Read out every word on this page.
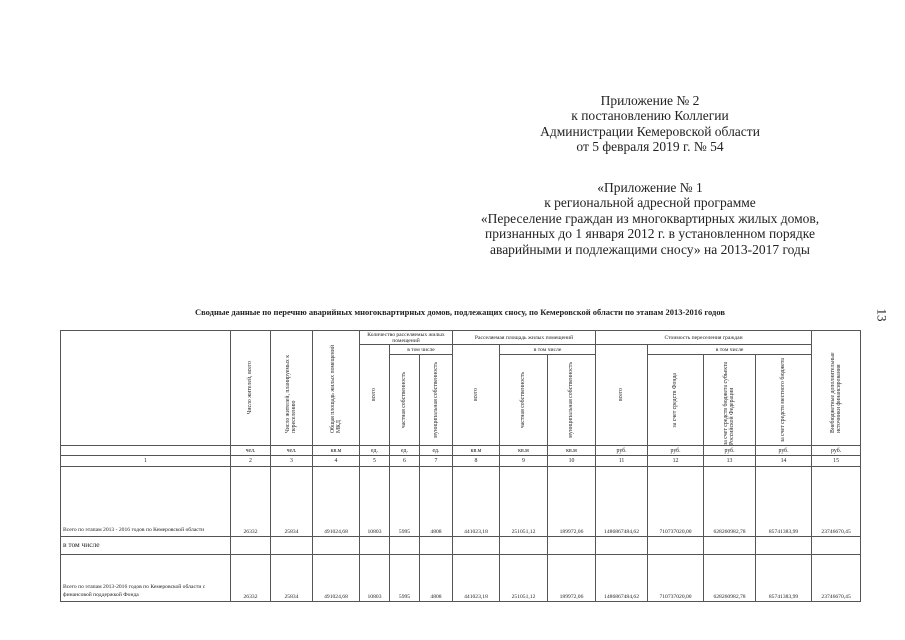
Приложение № 2
к постановлению Коллегии
Администрации Кемеровской области
от 5 февраля 2019 г. № 54
«Приложение № 1
к региональной адресной программе
«Переселение граждан из многоквартирных жилых домов,
признанных до 1 января 2012 г. в установленном порядке
аварийными и подлежащими сносу» на 2013-2017 годы
13
Сводные данные по перечню аварийных многоквартирных домов, подлежащих сносу, по Кемеровской области по этапам 2013-2016 годов

	Число жителей, всего	Число жителей, планируемых к переселению	Общая площадь жилых помещений МКД	Количество расселяемых жилых помещений			Расселяемая площадь жилых помещений			Стоимость переселения граждан				Внебюджетные дополнительные источники финансирования

				всего	в том числе		всего	в том числе		всего	в том числе			

					частная собственность	муниципальная собственность		частная собственность	муниципальная собственность		за счет средств Фонда	за счет средств бюджета субъекта Российской Федерации	за счет средств местного бюджета	

	чел.	чел.	кв.м	ед.	ед.	ед.	кв.м	кв.м	кв.м	руб.	руб.	руб.	руб.	руб.
1	2	3	4	5	6	7	8	9	10	11	12	13	14	15
Всего по этапам 2013 - 2016 годов по Кемеровской области	26332	25834	491024,68	10803	5995	4808	441023,18	251051,12	189972,06	1486867484,62	710737020,00	628260982,78	85741383,99	23746670,45
в том числе														
Всего по этапам 2013-2016 годов по Кемеровской области с финансовой поддержкой Фонда	26332	25834	491024,68	10803	5995	4808	441023,18	251051,12	189972,06	1486867484,62	710737020,00	628260982,78	85741383,99	23746670,45
